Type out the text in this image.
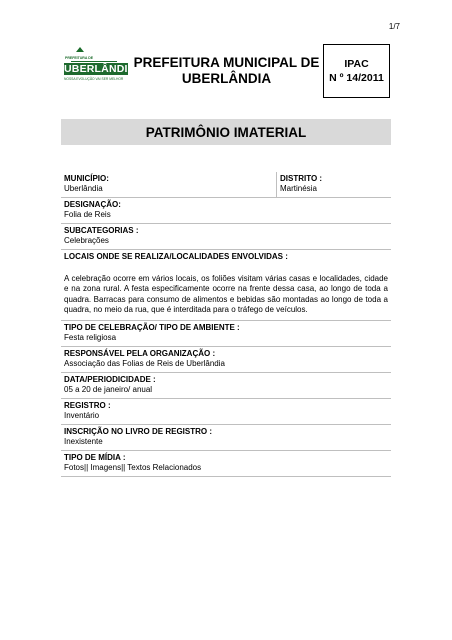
1/7
PREFEITURA DE
UBERLÂNDIA
NOSSA EVOLUÇÃO VAI SER MELHOR
PREFEITURA MUNICIPAL DE
UBERLÂNDIA
IPAC
N º 14/2011
PATRIMÔNIO IMATERIAL
MUNICÍPIO:
Uberlândia
DISTRITO :
Martinésia
DESIGNAÇÃO:
Folia de Reis
SUBCATEGORIAS :
Celebrações
LOCAIS ONDE SE REALIZA/LOCALIDADES ENVOLVIDAS :
A celebração ocorre em vários locais, os foliões visitam várias casas e localidades, cidade e na zona rural. A festa especificamente ocorre na frente dessa casa, ao longo de toda a quadra. Barracas para consumo de alimentos e bebidas são montadas ao longo de toda a quadra, no meio da rua, que é interditada para o tráfego de veículos.
TIPO DE CELEBRAÇÃO/ TIPO DE AMBIENTE :
Festa religiosa
RESPONSÁVEL PELA ORGANIZAÇÃO :
Associação das Folias de Reis de Uberlândia
DATA/PERIODICIDADE :
05 a 20 de janeiro/ anual
REGISTRO :
Inventário
INSCRIÇÃO NO LIVRO DE REGISTRO :
Inexistente
TIPO DE MÍDIA :
Fotos|| Imagens|| Textos Relacionados
